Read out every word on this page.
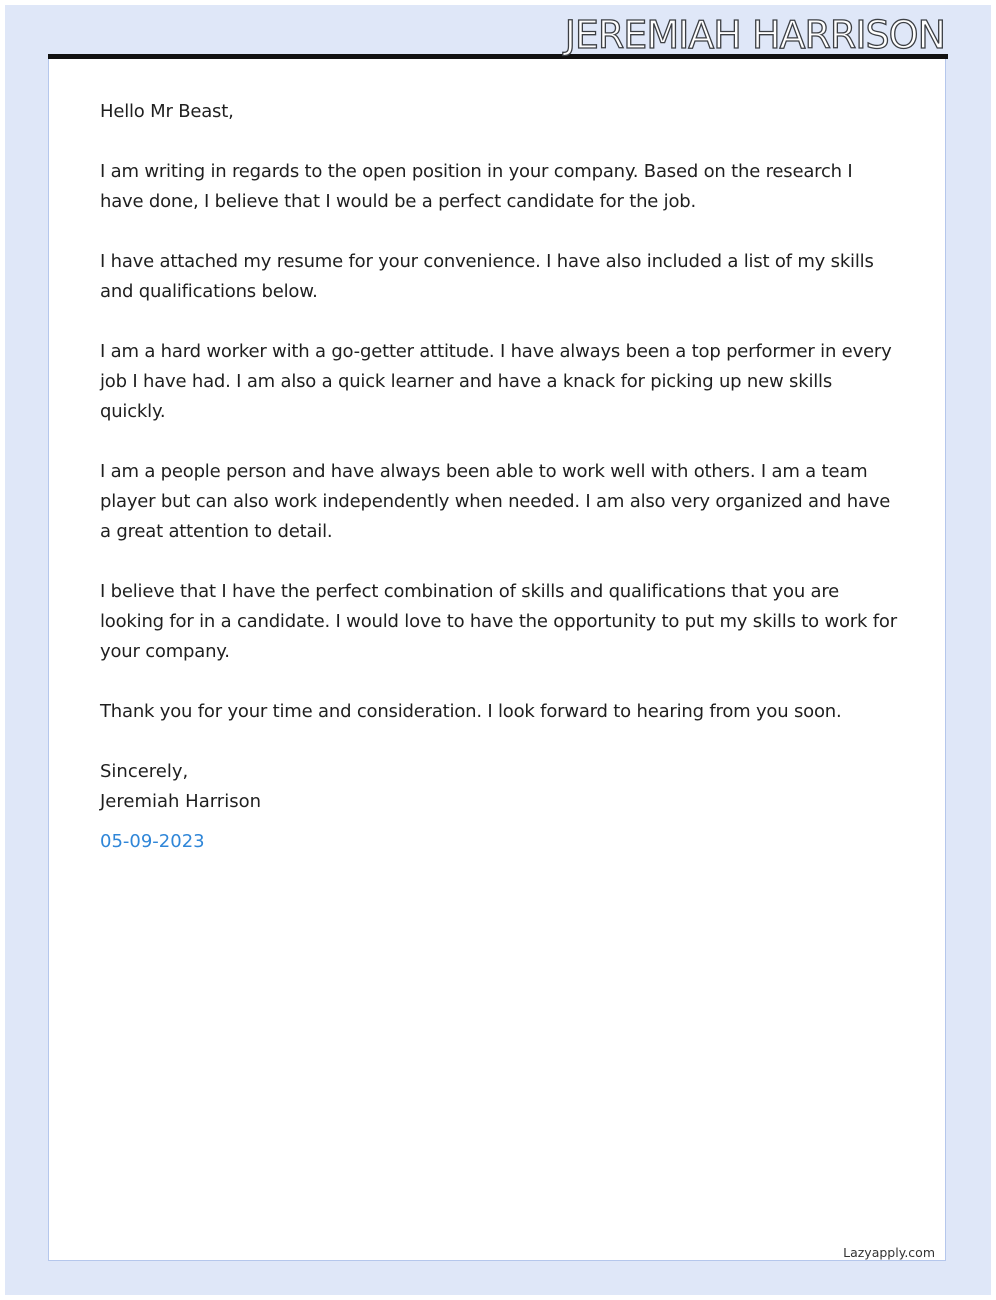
JEREMIAH HARRISON

Hello Mr Beast,

I am writing in regards to the open position in your company. Based on the research I have done, I believe that I would be a perfect candidate for the job.

I have attached my resume for your convenience. I have also included a list of my skills and qualifications below.

I am a hard worker with a go-getter attitude. I have always been a top performer in every job I have had. I am also a quick learner and have a knack for picking up new skills quickly.

I am a people person and have always been able to work well with others. I am a team player but can also work independently when needed. I am also very organized and have a great attention to detail.

I believe that I have the perfect combination of skills and qualifications that you are looking for in a candidate. I would love to have the opportunity to put my skills to work for your company.

Thank you for your time and consideration. I look forward to hearing from you soon.

Sincerely,
Jeremiah Harrison
05-09-2023
Lazyapply.com
